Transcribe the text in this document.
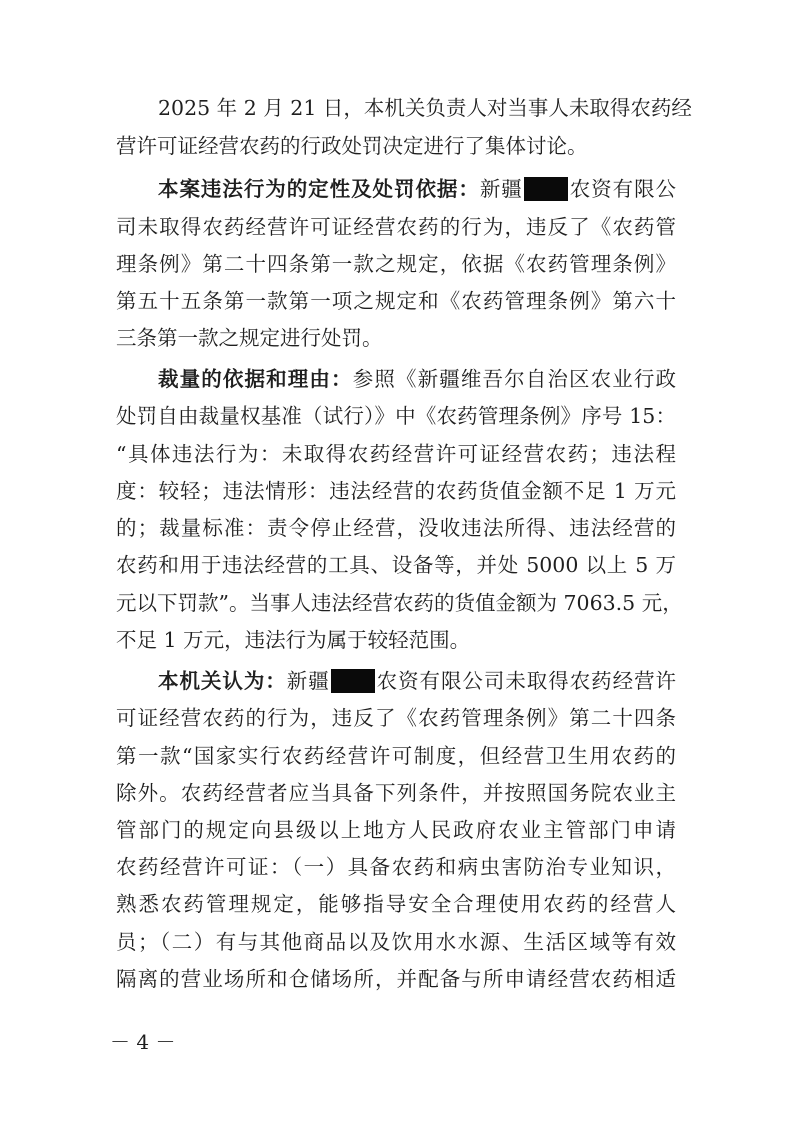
2025 年 2 月 21 日，本机关负责人对当事人未取得农药经
营许可证经营农药的行政处罚决定进行了集体讨论。
本案违法行为的定性及处罚依据：新疆 农资有限公
司未取得农药经营许可证经营农药的行为，违反了《农药管
理条例》第二十四条第一款之规定，依据《农药管理条例》
第五十五条第一款第一项之规定和《农药管理条例》第六十
三条第一款之规定进行处罚。
裁量的依据和理由：参照《新疆维吾尔自治区农业行政
处罚自由裁量权基准（试行）》中《农药管理条例》序号 15：
“具体违法行为：未取得农药经营许可证经营农药；违法程
度：较轻；违法情形：违法经营的农药货值金额不足 1 万元
的；裁量标准：责令停止经营，没收违法所得、违法经营的
农药和用于违法经营的工具、设备等，并处 5000 以上 5 万
元以下罚款”。当事人违法经营农药的货值金额为 7063.5 元，
不足 1 万元，违法行为属于较轻范围。
本机关认为：新疆 农资有限公司未取得农药经营许
可证经营农药的行为，违反了《农药管理条例》第二十四条
第一款“国家实行农药经营许可制度，但经营卫生用农药的
除外。农药经营者应当具备下列条件，并按照国务院农业主
管部门的规定向县级以上地方人民政府农业主管部门申请
农药经营许可证：（一）具备农药和病虫害防治专业知识，
熟悉农药管理规定，能够指导安全合理使用农药的经营人
员；（二）有与其他商品以及饮用水水源、生活区域等有效
隔离的营业场所和仓储场所，并配备与所申请经营农药相适
－ 4 －
